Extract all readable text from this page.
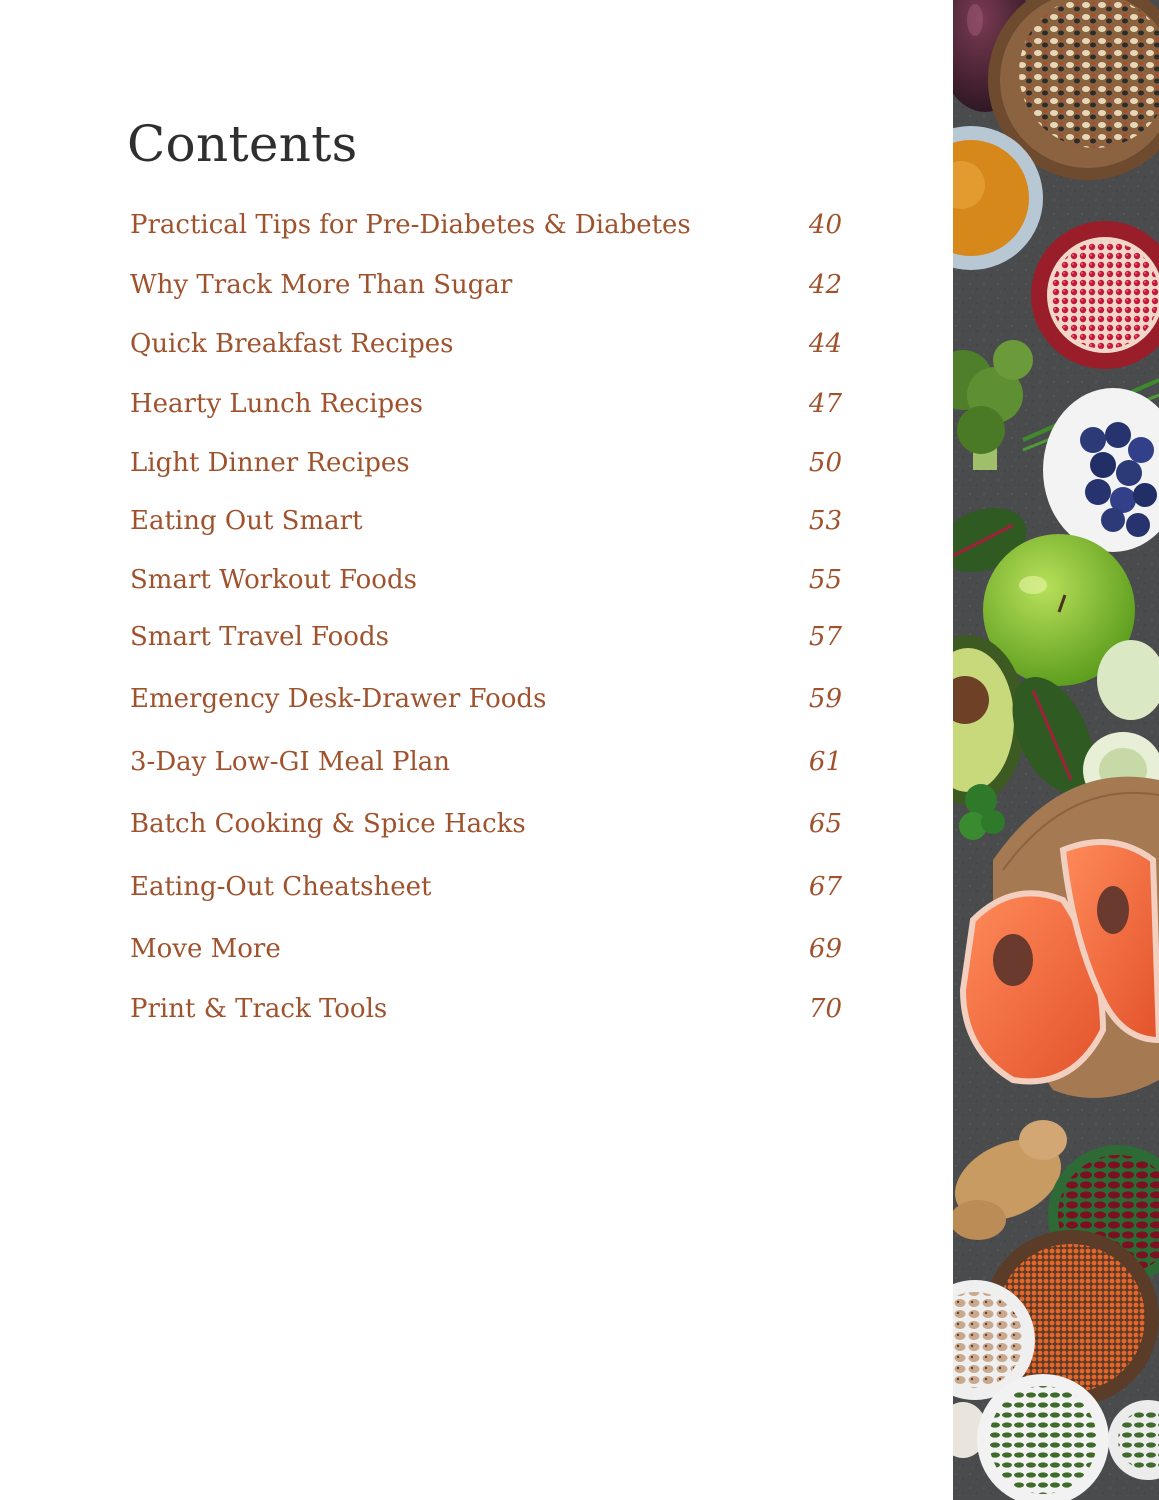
Contents
Practical Tips for Pre-Diabetes & Diabetes	40
Why Track More Than Sugar	42
Quick Breakfast Recipes	44
Hearty Lunch Recipes	47
Light Dinner Recipes	50
Eating Out Smart	53
Smart Workout Foods	55
Smart Travel Foods	57
Emergency Desk-Drawer Foods	59
3-Day Low-GI Meal Plan	61
Batch Cooking & Spice Hacks	65
Eating-Out Cheatsheet	67
Move More	69
Print & Track Tools	70
